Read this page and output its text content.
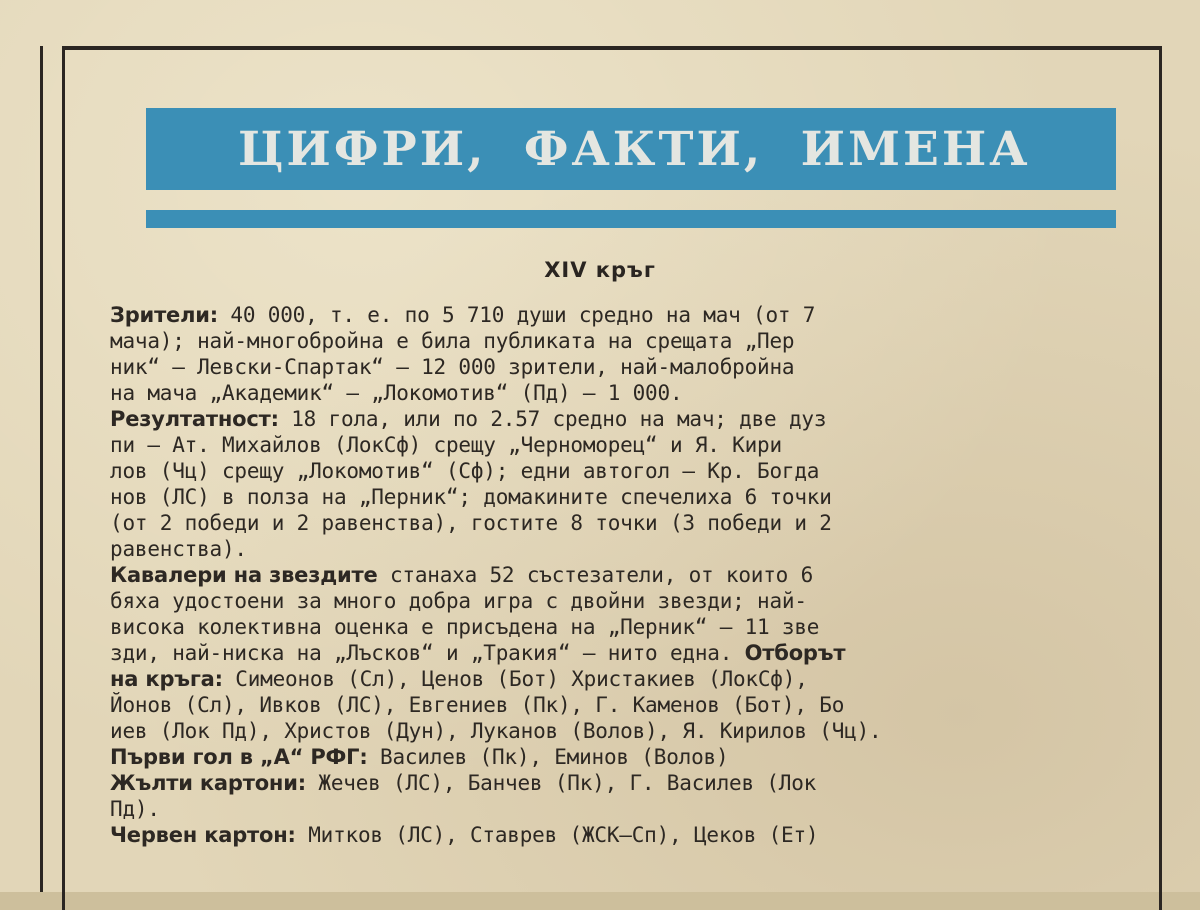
ЦИФРИ, ФАКТИ, ИМЕНА
XIV кръг
Зрители: 40 000, т. е. по 5 710 души средно на мач (от 7
мача); най-многобройна е била публиката на срещата „Пер
ник“ — Левски-Спартак“ — 12 000 зрители, най-малобройна
на мача „Академик“ — „Локомотив“ (Пд) — 1 000.
Резултатност: 18 гола, или по 2.57 средно на мач; две дуз
пи — Ат. Михайлов (ЛокСф) срещу „Черноморец“ и Я. Кири
лов (Чц) срещу „Локомотив“ (Сф); едни автогол — Кр. Богда
нов (ЛС) в полза на „Перник“; домакините спечелиха 6 точки
(от 2 победи и 2 равенства), гостите 8 точки (3 победи и 2
равенства).
Кавалери на звездите станаха 52 състезатели, от които 6
бяха удостоени за много добра игра с двойни звезди; най-
висока колективна оценка е присъдена на „Перник“ — 11 зве
зди, най-ниска на „Лъсков“ и „Тракия“ — нито една. Отборът
на кръга: Симеонов (Сл), Ценов (Бот) Христакиев (ЛокСф),
Йонов (Сл), Ивков (ЛС), Евгениев (Пк), Г. Каменов (Бот), Бо
иев (Лок Пд), Христов (Дун), Луканов (Волов), Я. Кирилов (Чц).
Първи гол в „А“ РФГ: Василев (Пк), Еминов (Волов)
Жълти картони: Жечев (ЛС), Банчев (Пк), Г. Василев (Лок
Пд).
Червен картон: Митков (ЛС), Ставрев (ЖСК—Сп), Цеков (Ет)
